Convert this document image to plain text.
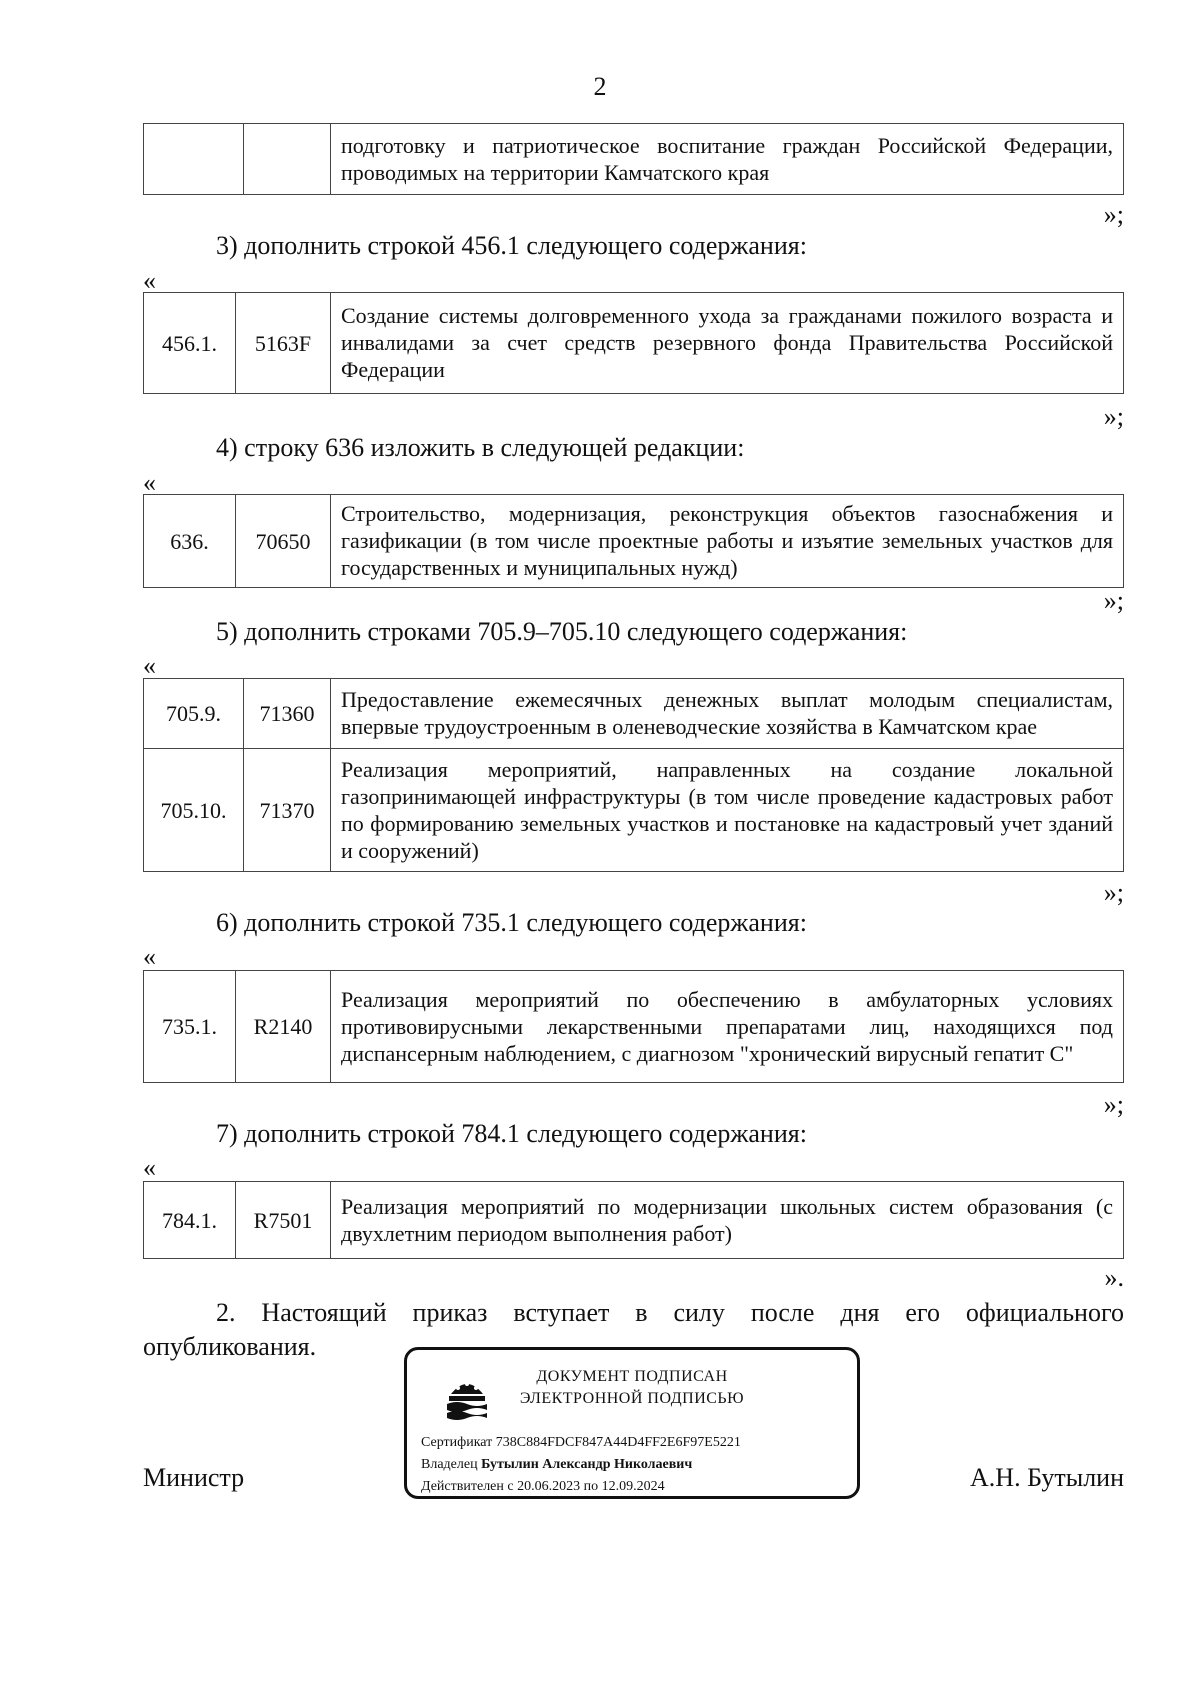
2
		подготовку и патриотическое воспитание граждан Российской Федерации, проводимых на территории Камчатского края
»;
3) дополнить строкой 456.1 следующего содержания:
«
456.1.	5163F	Создание системы долговременного ухода за гражданами пожилого возраста и инвалидами за счет средств резервного фонда Правительства Российской Федерации
»;
4) строку 636 изложить в следующей редакции:
«
636.	70650	Строительство, модернизация, реконструкция объектов газоснабжения и газификации (в том числе проектные работы и изъятие земельных участков для государственных и муниципальных нужд)
»;
5) дополнить строками 705.9–705.10 следующего содержания:
«
705.9.	71360	Предоставление ежемесячных денежных выплат молодым специалистам, впервые трудоустроенным в оленеводческие хозяйства в Камчатском крае
705.10.	71370	Реализация мероприятий, направленных на создание локальной газопринимающей инфраструктуры (в том числе проведение кадастровых работ по формированию земельных участков и постановке на кадастровый учет зданий и сооружений)
»;
6) дополнить строкой 735.1 следующего содержания:
«
735.1.	R2140	Реализация мероприятий по обеспечению в амбулаторных условиях противовирусными лекарственными препаратами лиц, находящихся под диспансерным наблюдением, с диагнозом "хронический вирусный гепатит С"
»;
7) дополнить строкой 784.1 следующего содержания:
«
784.1.	R7501	Реализация мероприятий по модернизации школьных систем образования (с двухлетним периодом выполнения работ)
».
2. Настоящий приказ вступает в силу после дня его официального опубликования.
Министр	А.Н. Бутылин
ДОКУМЕНТ ПОДПИСАН
ЭЛЕКТРОННОЙ ПОДПИСЬЮ
Сертификат 738C884FDCF847A44D4FF2E6F97E5221
Владелец Бутылин Александр Николаевич
Действителен с 20.06.2023 по 12.09.2024
